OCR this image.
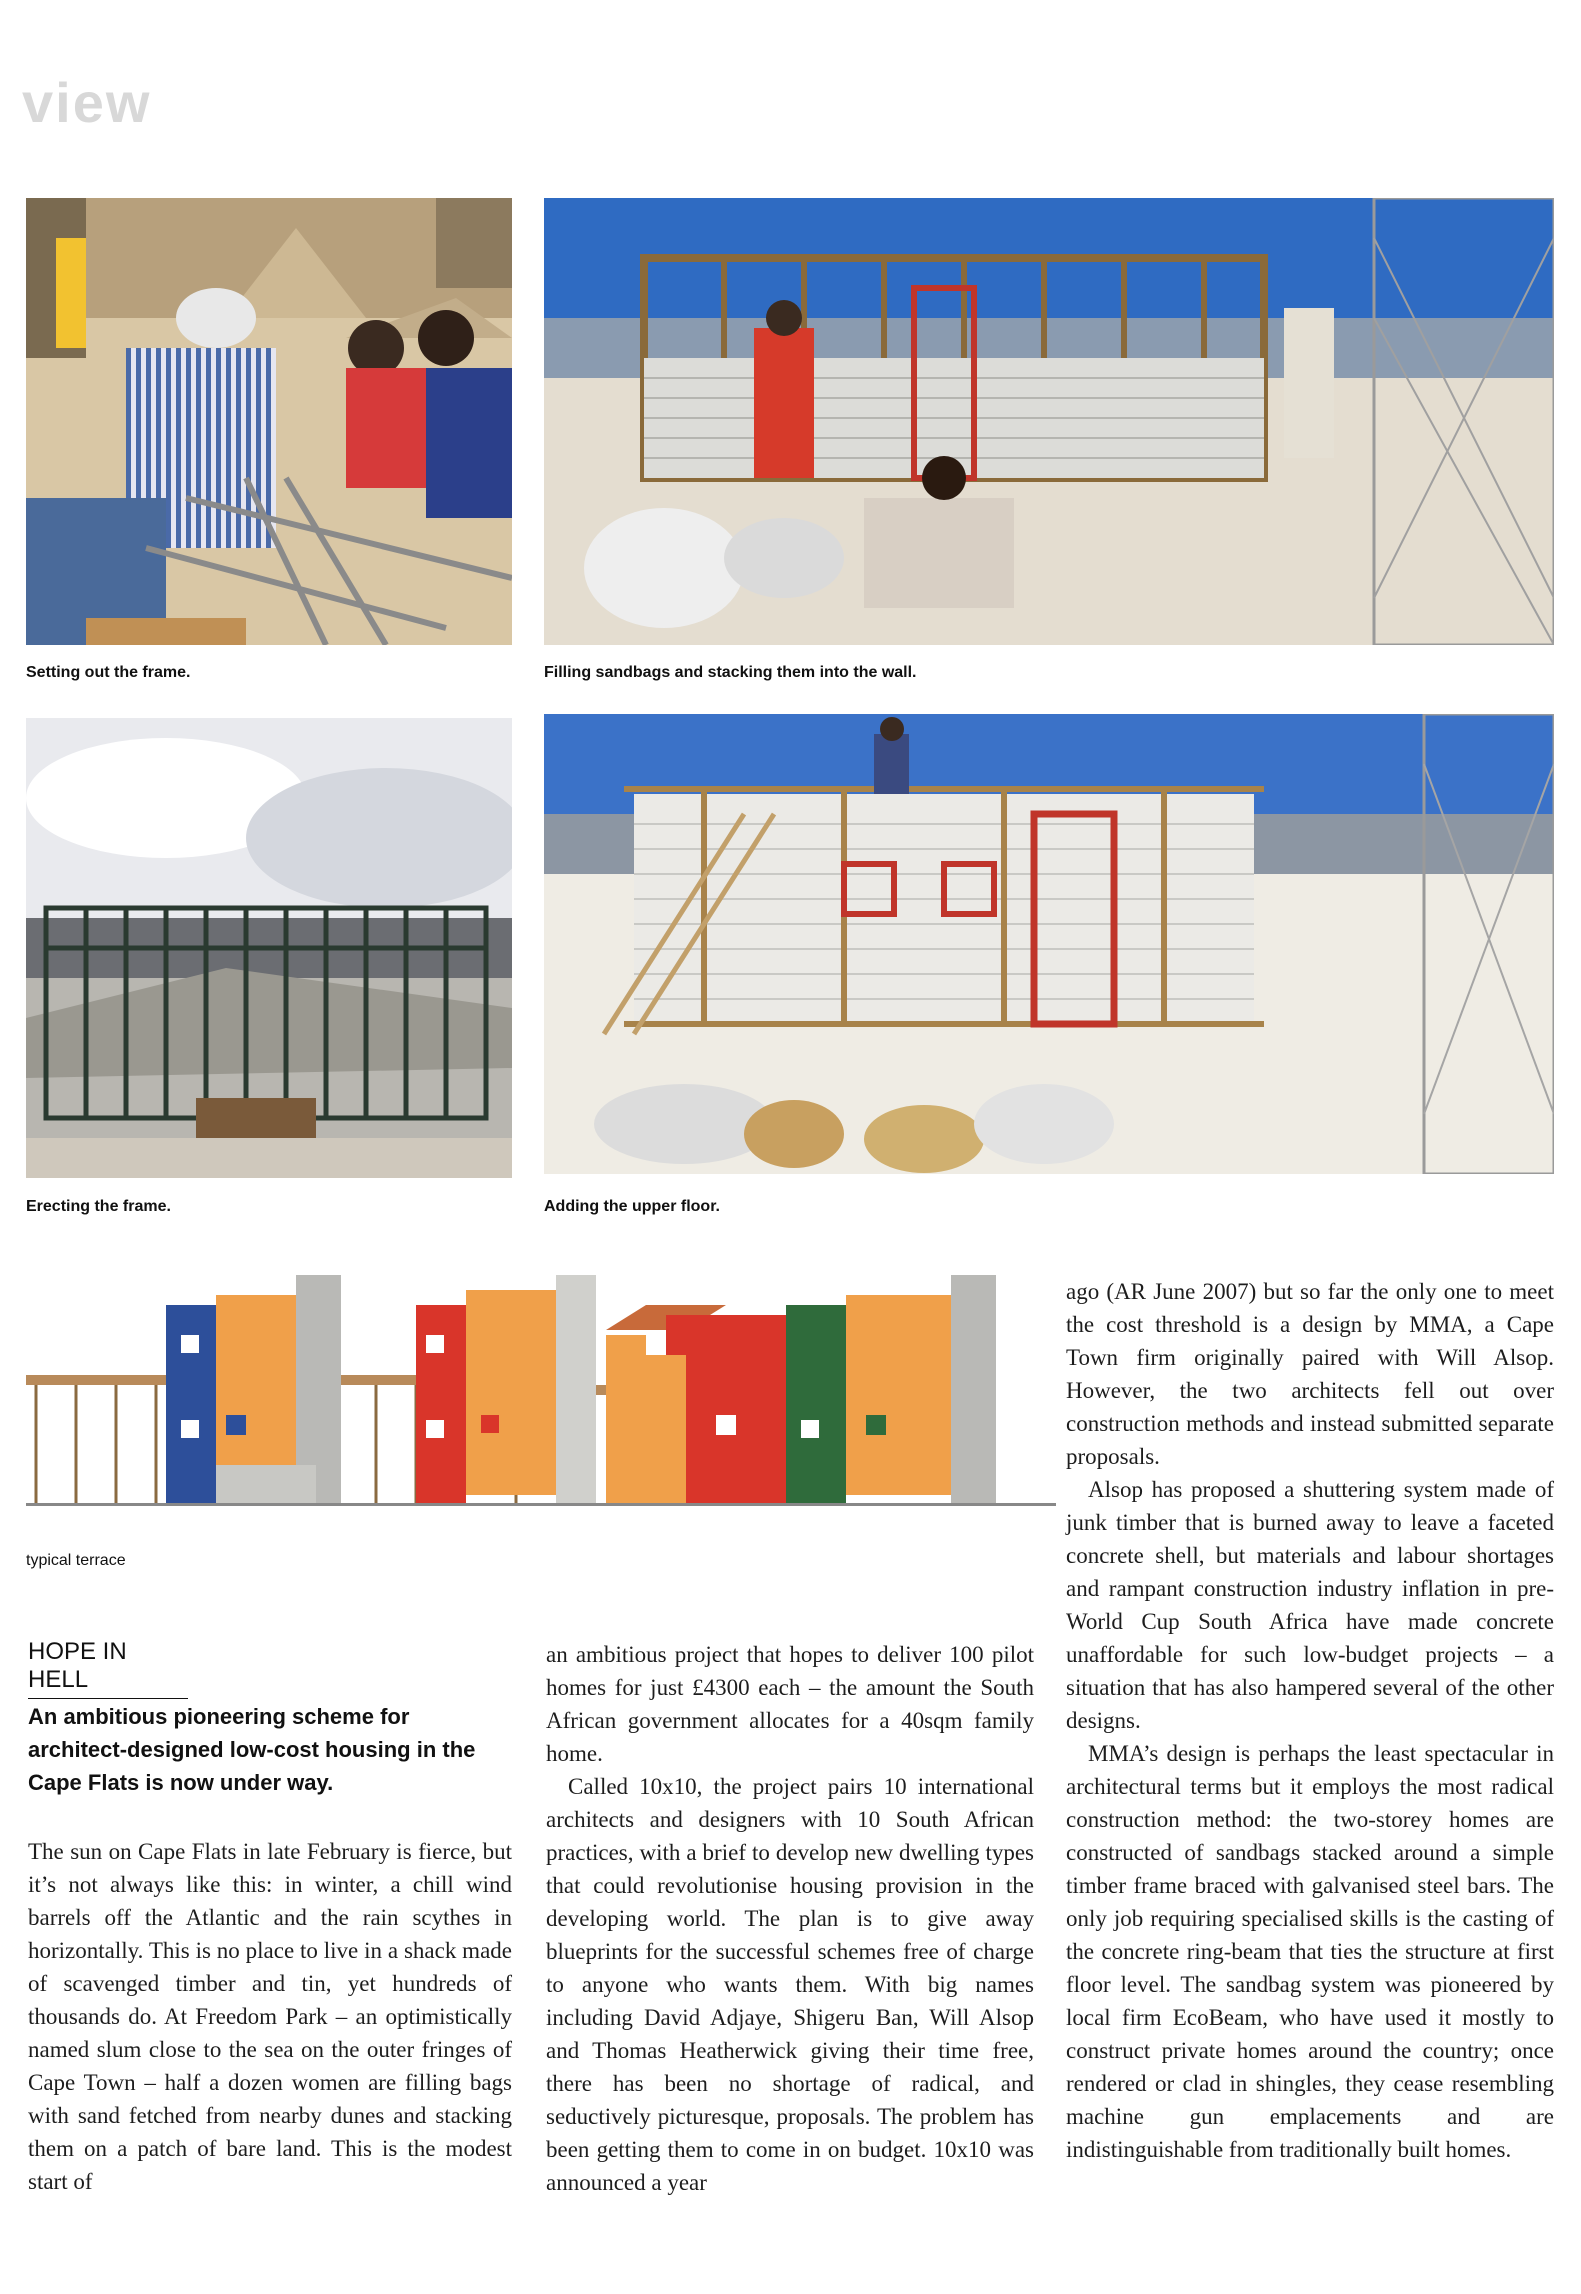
view
Setting out the frame.	Filling sandbags and stacking them into the wall.
Erecting the frame.	Adding the upper floor.
typical terrace
HOPE IN HELL
An ambitious pioneering scheme for architect-designed low-cost housing in the Cape Flats is now under way.

The sun on Cape Flats in late February is fierce, but it’s not always like this: in winter, a chill wind barrels off the Atlantic and the rain scythes in horizontally. This is no place to live in a shack made of scavenged timber and tin, yet hundreds of thousands do. At Freedom Park – an optimistically named slum close to the sea on the outer fringes of Cape Town – half a dozen women are filling bags with sand fetched from nearby dunes and stacking them on a patch of bare land. This is the modest start of

an ambitious project that hopes to deliver 100 pilot homes for just £4300 each – the amount the South African government allocates for a 40sqm family home.

Called 10x10, the project pairs 10 international architects and designers with 10 South African practices, with a brief to develop new dwelling types that could revolutionise housing provision in the developing world. The plan is to give away blueprints for the successful schemes free of charge to anyone who wants them. With big names including David Adjaye, Shigeru Ban, Will Alsop and Thomas Heatherwick giving their time free, there has been no shortage of radical, and seductively picturesque, proposals. The problem has been getting them to come in on budget. 10x10 was announced a year

ago (AR June 2007) but so far the only one to meet the cost threshold is a design by MMA, a Cape Town firm originally paired with Will Alsop. However, the two architects fell out over construction methods and instead submitted separate proposals.

Alsop has proposed a shuttering system made of junk timber that is burned away to leave a faceted concrete shell, but materials and labour shortages and rampant construction industry inflation in pre-World Cup South Africa have made concrete unaffordable for such low-budget projects – a situation that has also hampered several of the other designs.

MMA’s design is perhaps the least spectacular in architectural terms but it employs the most radical construction method: the two-storey homes are constructed of sandbags stacked around a simple timber frame braced with galvanised steel bars. The only job requiring specialised skills is the casting of the concrete ring-beam that ties the structure at first floor level. The sandbag system was pioneered by local firm EcoBeam, who have used it mostly to construct private homes around the country; once rendered or clad in shingles, they cease resembling machine gun emplacements and are indistinguishable from traditionally built homes.
